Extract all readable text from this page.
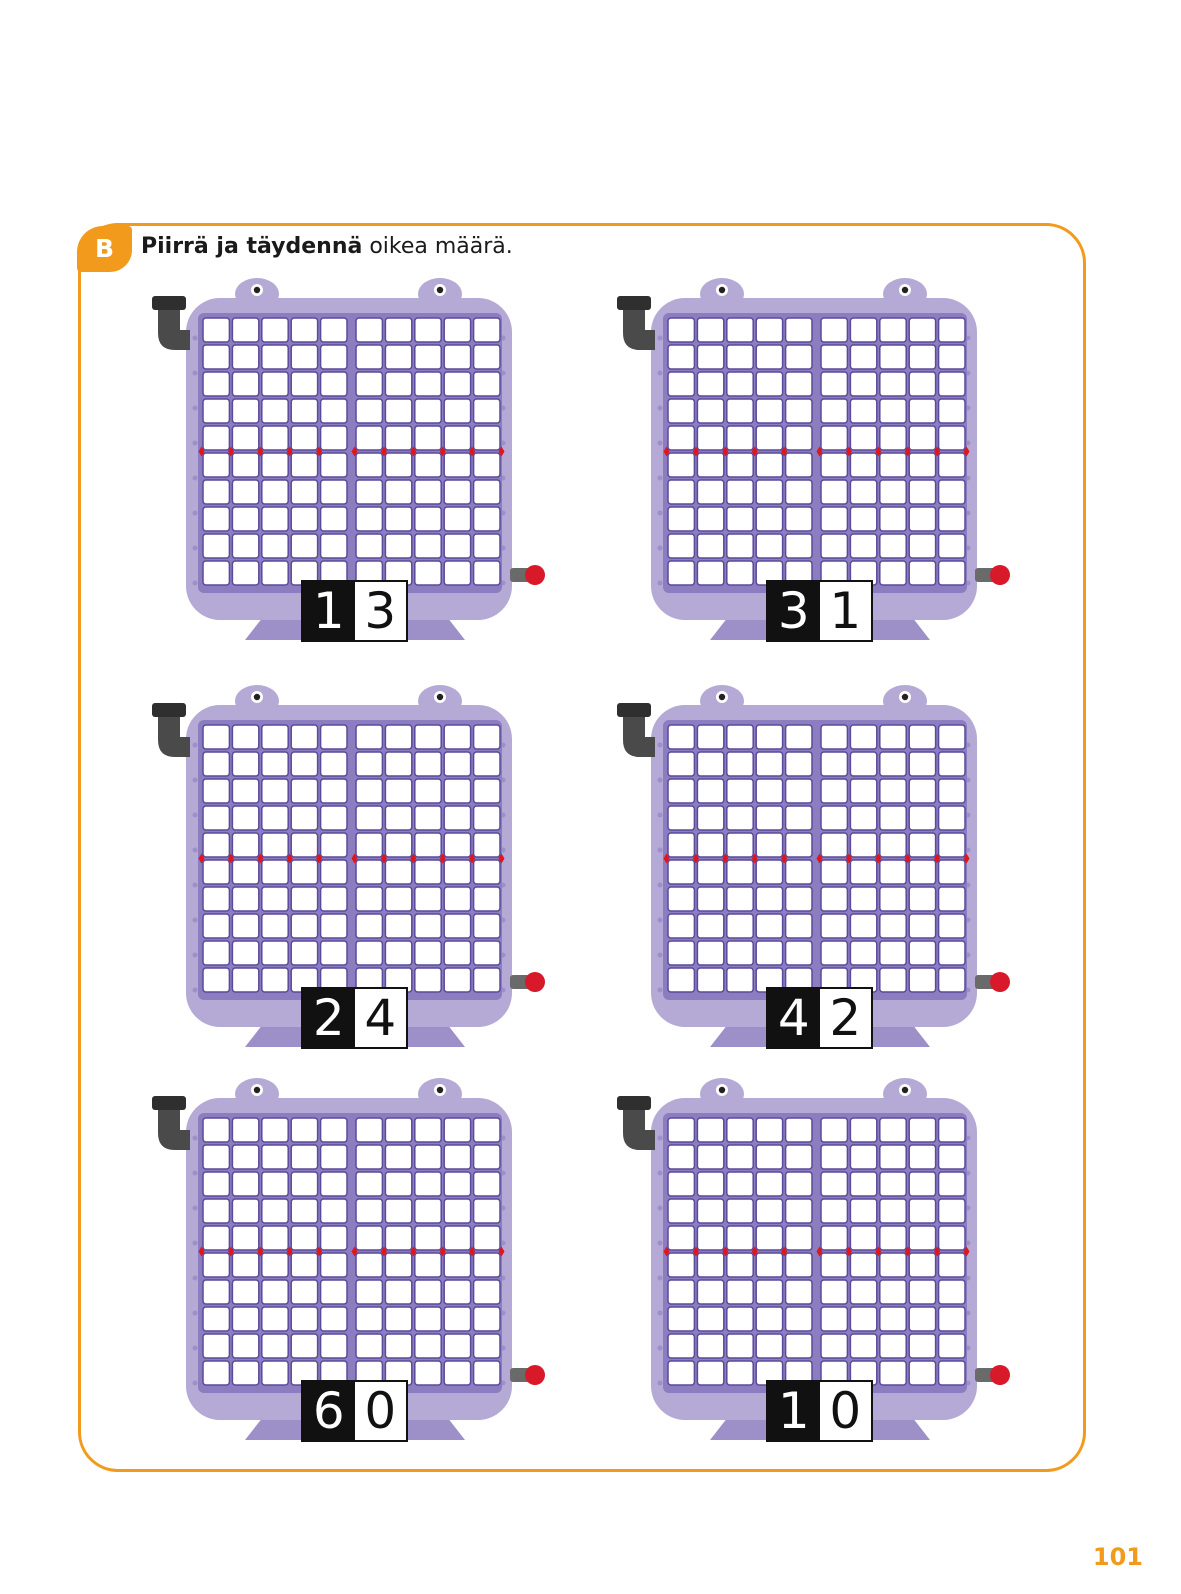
B	Piirrä ja täydennä oikea määrä.
1 3	3 1
2 4	4 2
6 0	1 0
101
